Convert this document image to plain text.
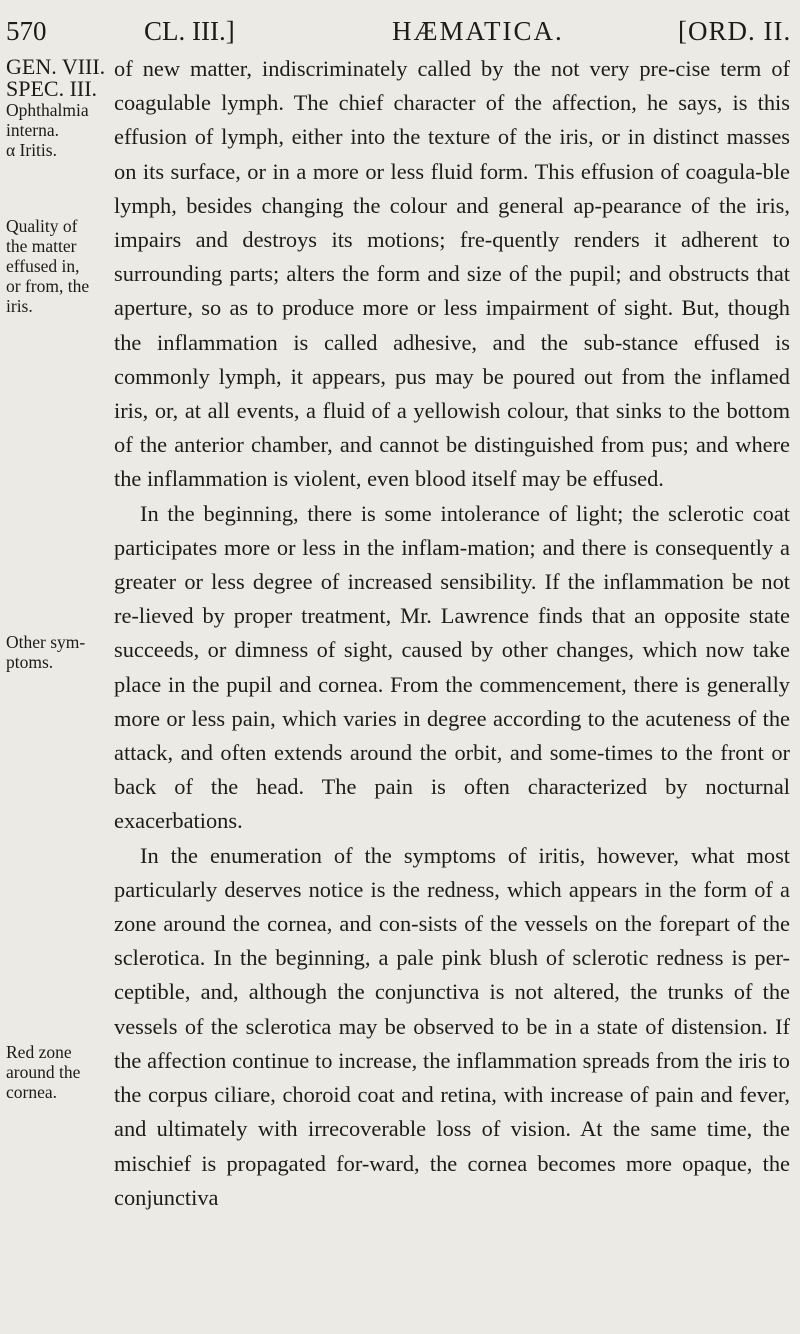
570	CL. III.]	HÆMATICA.	[ORD. II.
GEN. VIII.
SPEC. III.
Ophthalmia
interna.
α Iritis.
Quality of
the matter
effused in,
or from, the
iris.
Other sym-
ptoms.
Red zone
around the
cornea.

of new matter, indiscriminately called by the not very pre-cise term of coagulable lymph. The chief character of the affection, he says, is this effusion of lymph, either into the texture of the iris, or in distinct masses on its surface, or in a more or less fluid form. This effusion of coagula-ble lymph, besides changing the colour and general ap-pearance of the iris, impairs and destroys its motions; fre-quently renders it adherent to surrounding parts; alters the form and size of the pupil; and obstructs that aperture, so as to produce more or less impairment of sight. But, though the inflammation is called adhesive, and the sub-stance effused is commonly lymph, it appears, pus may be poured out from the inflamed iris, or, at all events, a fluid of a yellowish colour, that sinks to the bottom of the anterior chamber, and cannot be distinguished from pus; and where the inflammation is violent, even blood itself may be effused.

In the beginning, there is some intolerance of light; the sclerotic coat participates more or less in the inflam-mation; and there is consequently a greater or less degree of increased sensibility. If the inflammation be not re-lieved by proper treatment, Mr. Lawrence finds that an opposite state succeeds, or dimness of sight, caused by other changes, which now take place in the pupil and cornea. From the commencement, there is generally more or less pain, which varies in degree according to the acuteness of the attack, and often extends around the orbit, and some-times to the front or back of the head. The pain is often characterized by nocturnal exacerbations.

In the enumeration of the symptoms of iritis, however, what most particularly deserves notice is the redness, which appears in the form of a zone around the cornea, and con-sists of the vessels on the forepart of the sclerotica. In the beginning, a pale pink blush of sclerotic redness is per-ceptible, and, although the conjunctiva is not altered, the trunks of the vessels of the sclerotica may be observed to be in a state of distension. If the affection continue to increase, the inflammation spreads from the iris to the corpus ciliare, choroid coat and retina, with increase of pain and fever, and ultimately with irrecoverable loss of vision. At the same time, the mischief is propagated for-ward, the cornea becomes more opaque, the conjunctiva
